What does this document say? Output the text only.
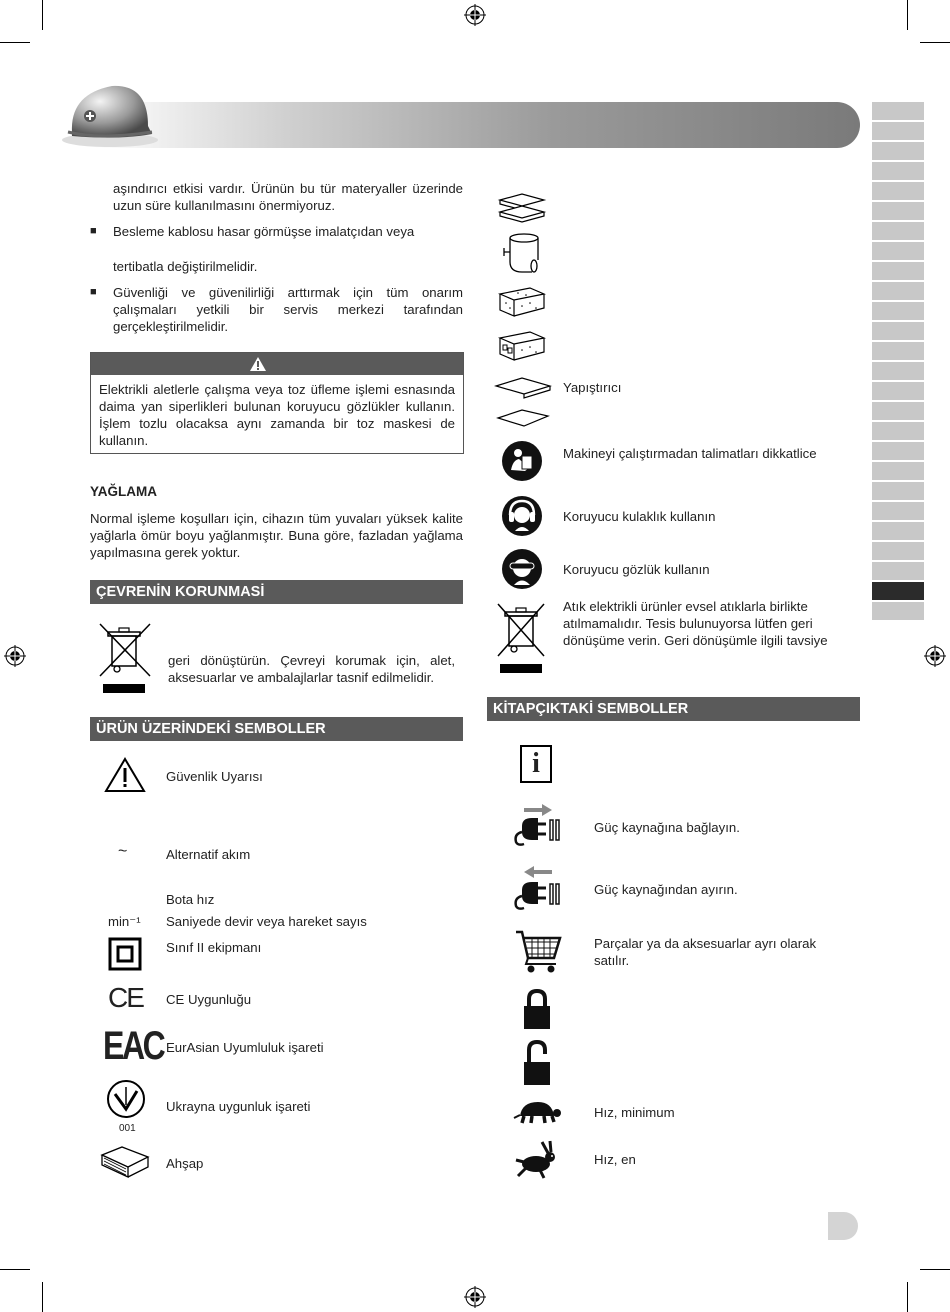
aşındırıcı etkisi vardır. Ürünün bu tür materyaller üzerinde uzun süre kullanılmasını önermiyoruz.
■ Besleme kablosu hasar görmüşse imalatçıdan veya
tertibatla değiştirilmelidir.
■ Güvenliği ve güvenilirliği arttırmak için tüm onarım çalışmaları yetkili bir servis merkezi tarafından gerçekleştirilmelidir.
Elektrikli aletlerle çalışma veya toz üfleme işlemi esnasında daima yan siperlikleri bulunan koruyucu gözlükler kullanın. İşlem tozlu olacaksa aynı zamanda bir toz maskesi de kullanın.
YAĞLAMA
Normal işleme koşulları için, cihazın tüm yuvaları yüksek kalite yağlarla ömür boyu yağlanmıştır. Buna göre, fazladan yağlama yapılmasına gerek yoktur.
ÇEVRENİN KORUNMASİ
geri dönüştürün. Çevreyi korumak için, alet, aksesuarlar ve ambalajlarlar tasnif edilmelidir.
ÜRÜN ÜZERİNDEKİ SEMBOLLER
Güvenlik Uyarısı
~	Alternatif akım
Bota hız
min⁻¹ Saniyede devir veya hareket sayıs
Sınıf II ekipmanı
CE CE Uygunluğu
EAC EurAsian Uyumluluk işareti
001
Ukrayna uygunluk işareti
Ahşap
Yapıştırıcı
Makineyi çalıştırmadan talimatları dikkatlice
Koruyucu kulaklık kullanın
Koruyucu gözlük kullanın
Atık elektrikli ürünler evsel atıklarla birlikte atılmamalıdır. Tesis bulunuyorsa lütfen geri dönüşüme verin. Geri dönüşümle ilgili tavsiye
KİTAPÇIKTAKİ SEMBOLLER
i
Güç kaynağına bağlayın.
Güç kaynağından ayırın.
Parçalar ya da aksesuarlar ayrı olarak satılır.
Hız, minimum
Hız, en
